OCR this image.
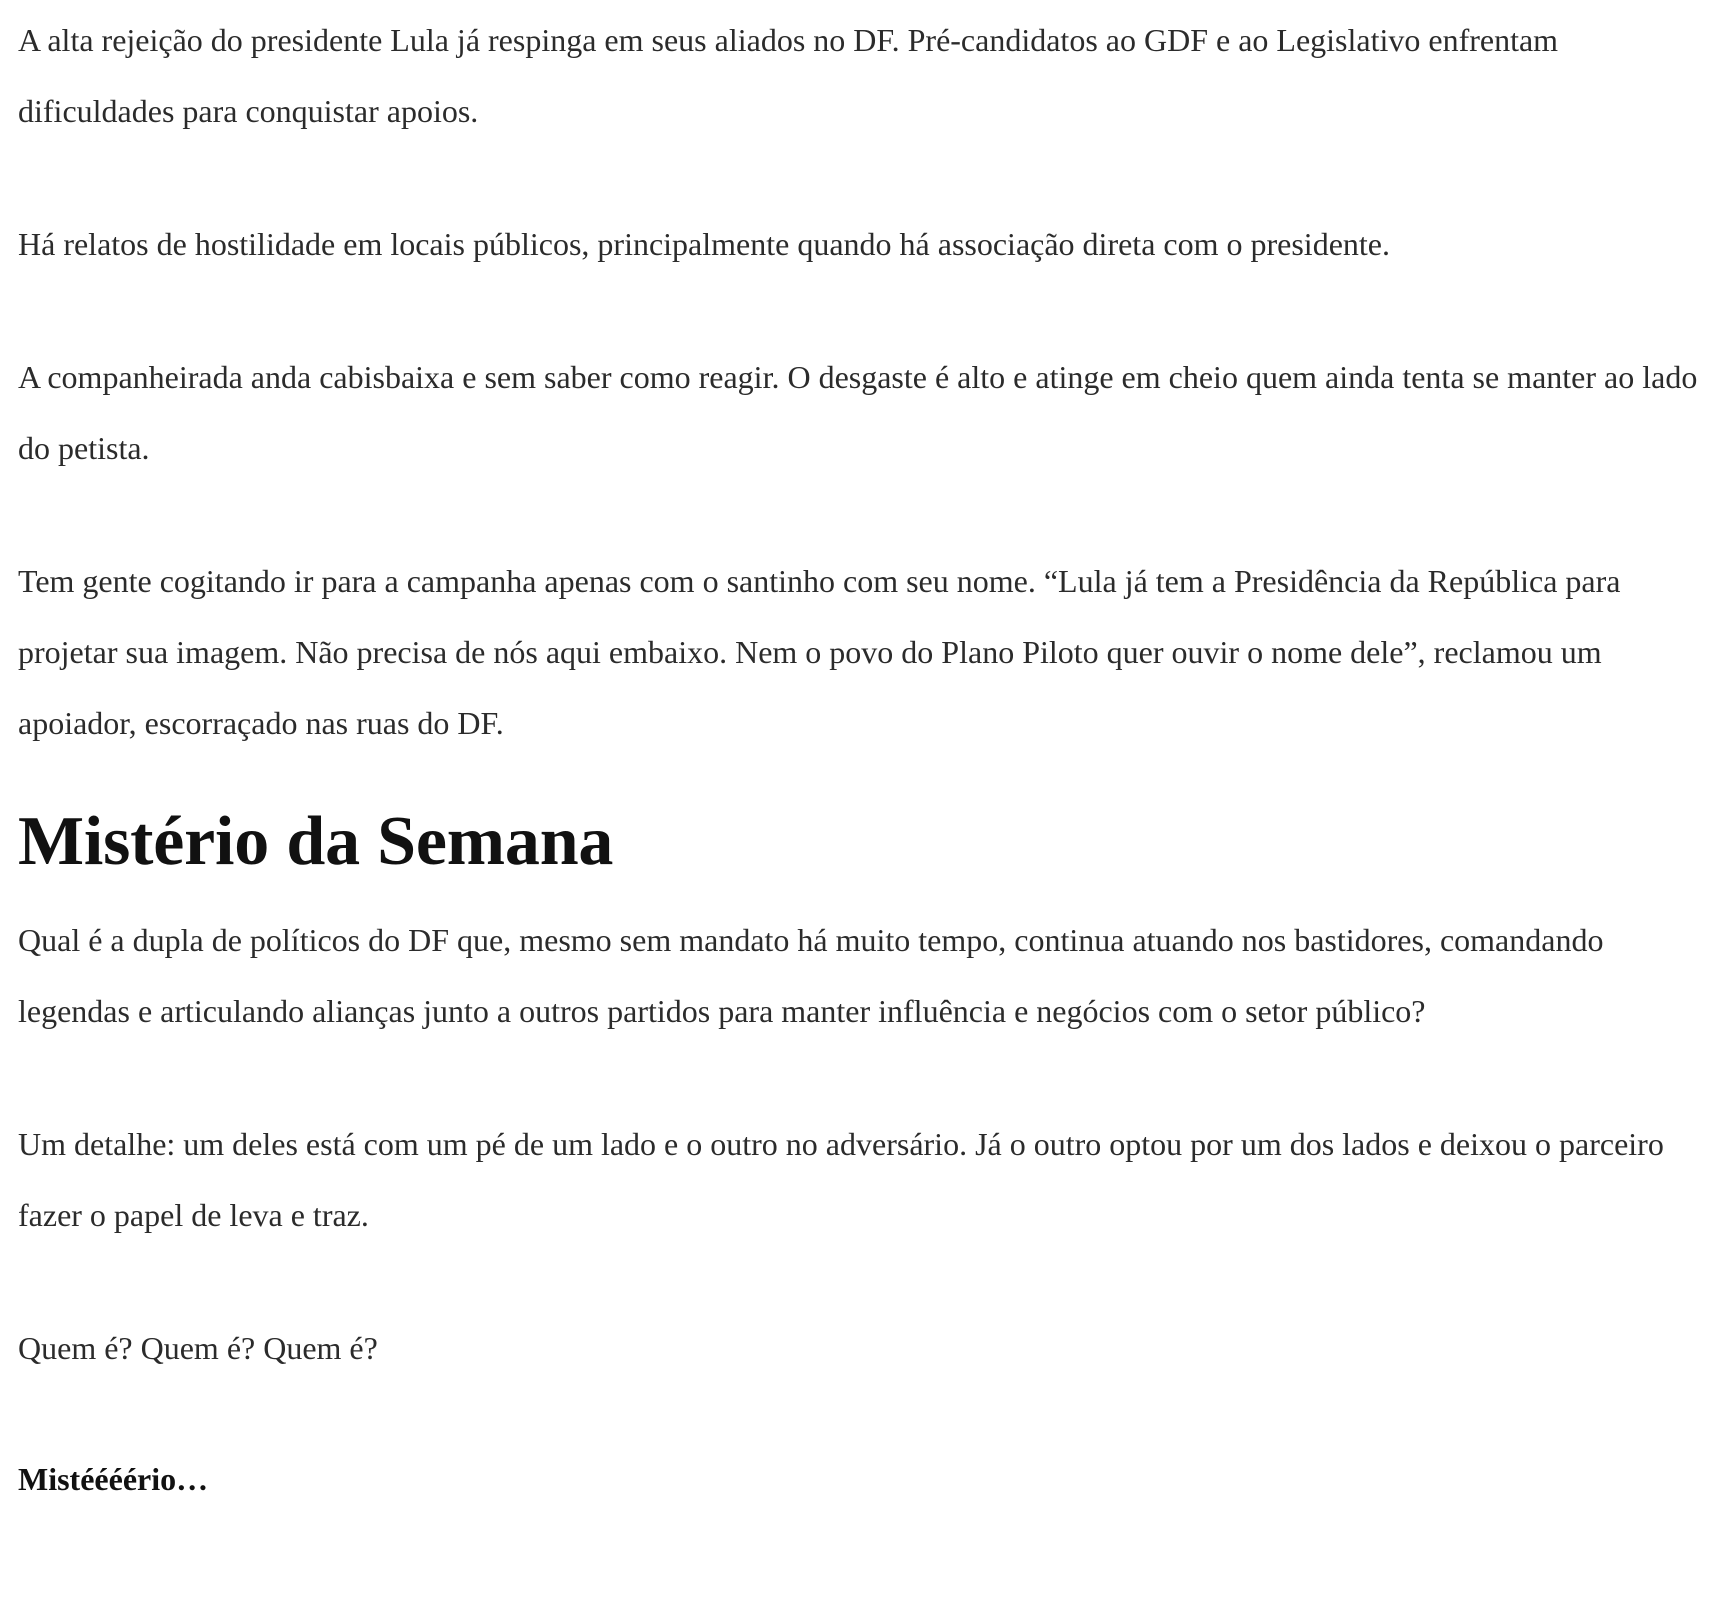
A alta rejeição do presidente Lula já respinga em seus aliados no DF. Pré-candidatos ao GDF e ao Legislativo enfrentam dificuldades para conquistar apoios.

Há relatos de hostilidade em locais públicos, principalmente quando há associação direta com o presidente.

A companheirada anda cabisbaixa e sem saber como reagir. O desgaste é alto e atinge em cheio quem ainda tenta se manter ao lado do petista.

Tem gente cogitando ir para a campanha apenas com o santinho com seu nome. “Lula já tem a Presidência da República para projetar sua imagem. Não precisa de nós aqui embaixo. Nem o povo do Plano Piloto quer ouvir o nome dele”, reclamou um apoiador, escorraçado nas ruas do DF.

Mistério da Semana

Qual é a dupla de políticos do DF que, mesmo sem mandato há muito tempo, continua atuando nos bastidores, comandando legendas e articulando alianças junto a outros partidos para manter influência e negócios com o setor público?

Um detalhe: um deles está com um pé de um lado e o outro no adversário. Já o outro optou por um dos lados e deixou o parceiro fazer o papel de leva e traz.

Quem é? Quem é? Quem é?

Mistéééério…
